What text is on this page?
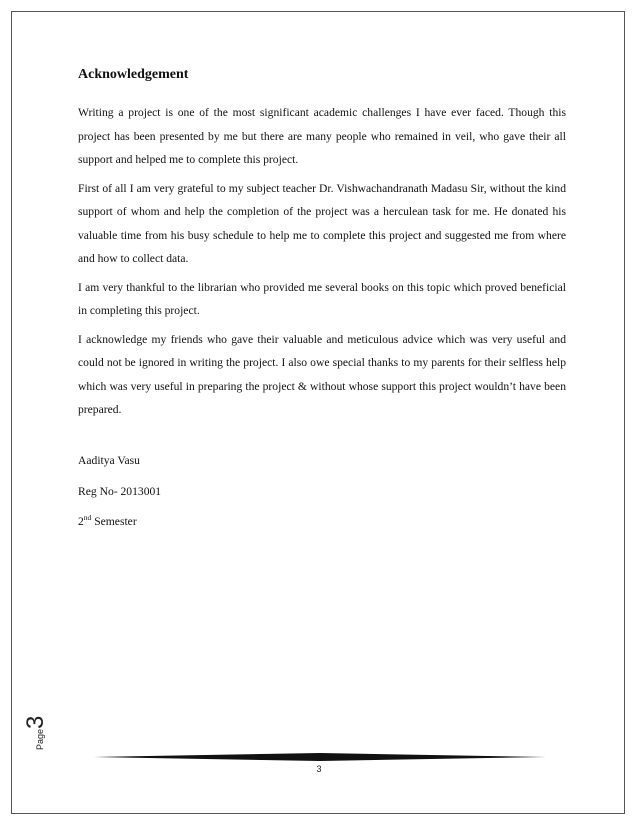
Acknowledgement

Writing a project is one of the most significant academic challenges I have ever faced. Though this project has been presented by me but there are many people who remained in veil, who gave their all support and helped me to complete this project.

First of all I am very grateful to my subject teacher Dr. Vishwachandranath Madasu Sir, without the kind support of whom and help the completion of the project was a herculean task for me. He donated his valuable time from his busy schedule to help me to complete this project and suggested me from where and how to collect data.

I am very thankful to the librarian who provided me several books on this topic which proved beneficial in completing this project.

I acknowledge my friends who gave their valuable and meticulous advice which was very useful and could not be ignored in writing the project. I also owe special thanks to my parents for their selfless help which was very useful in preparing the project & without whose support this project wouldn’t have been prepared.

Aaditya Vasu
Reg No- 2013001
2nd Semester
Page3
3
